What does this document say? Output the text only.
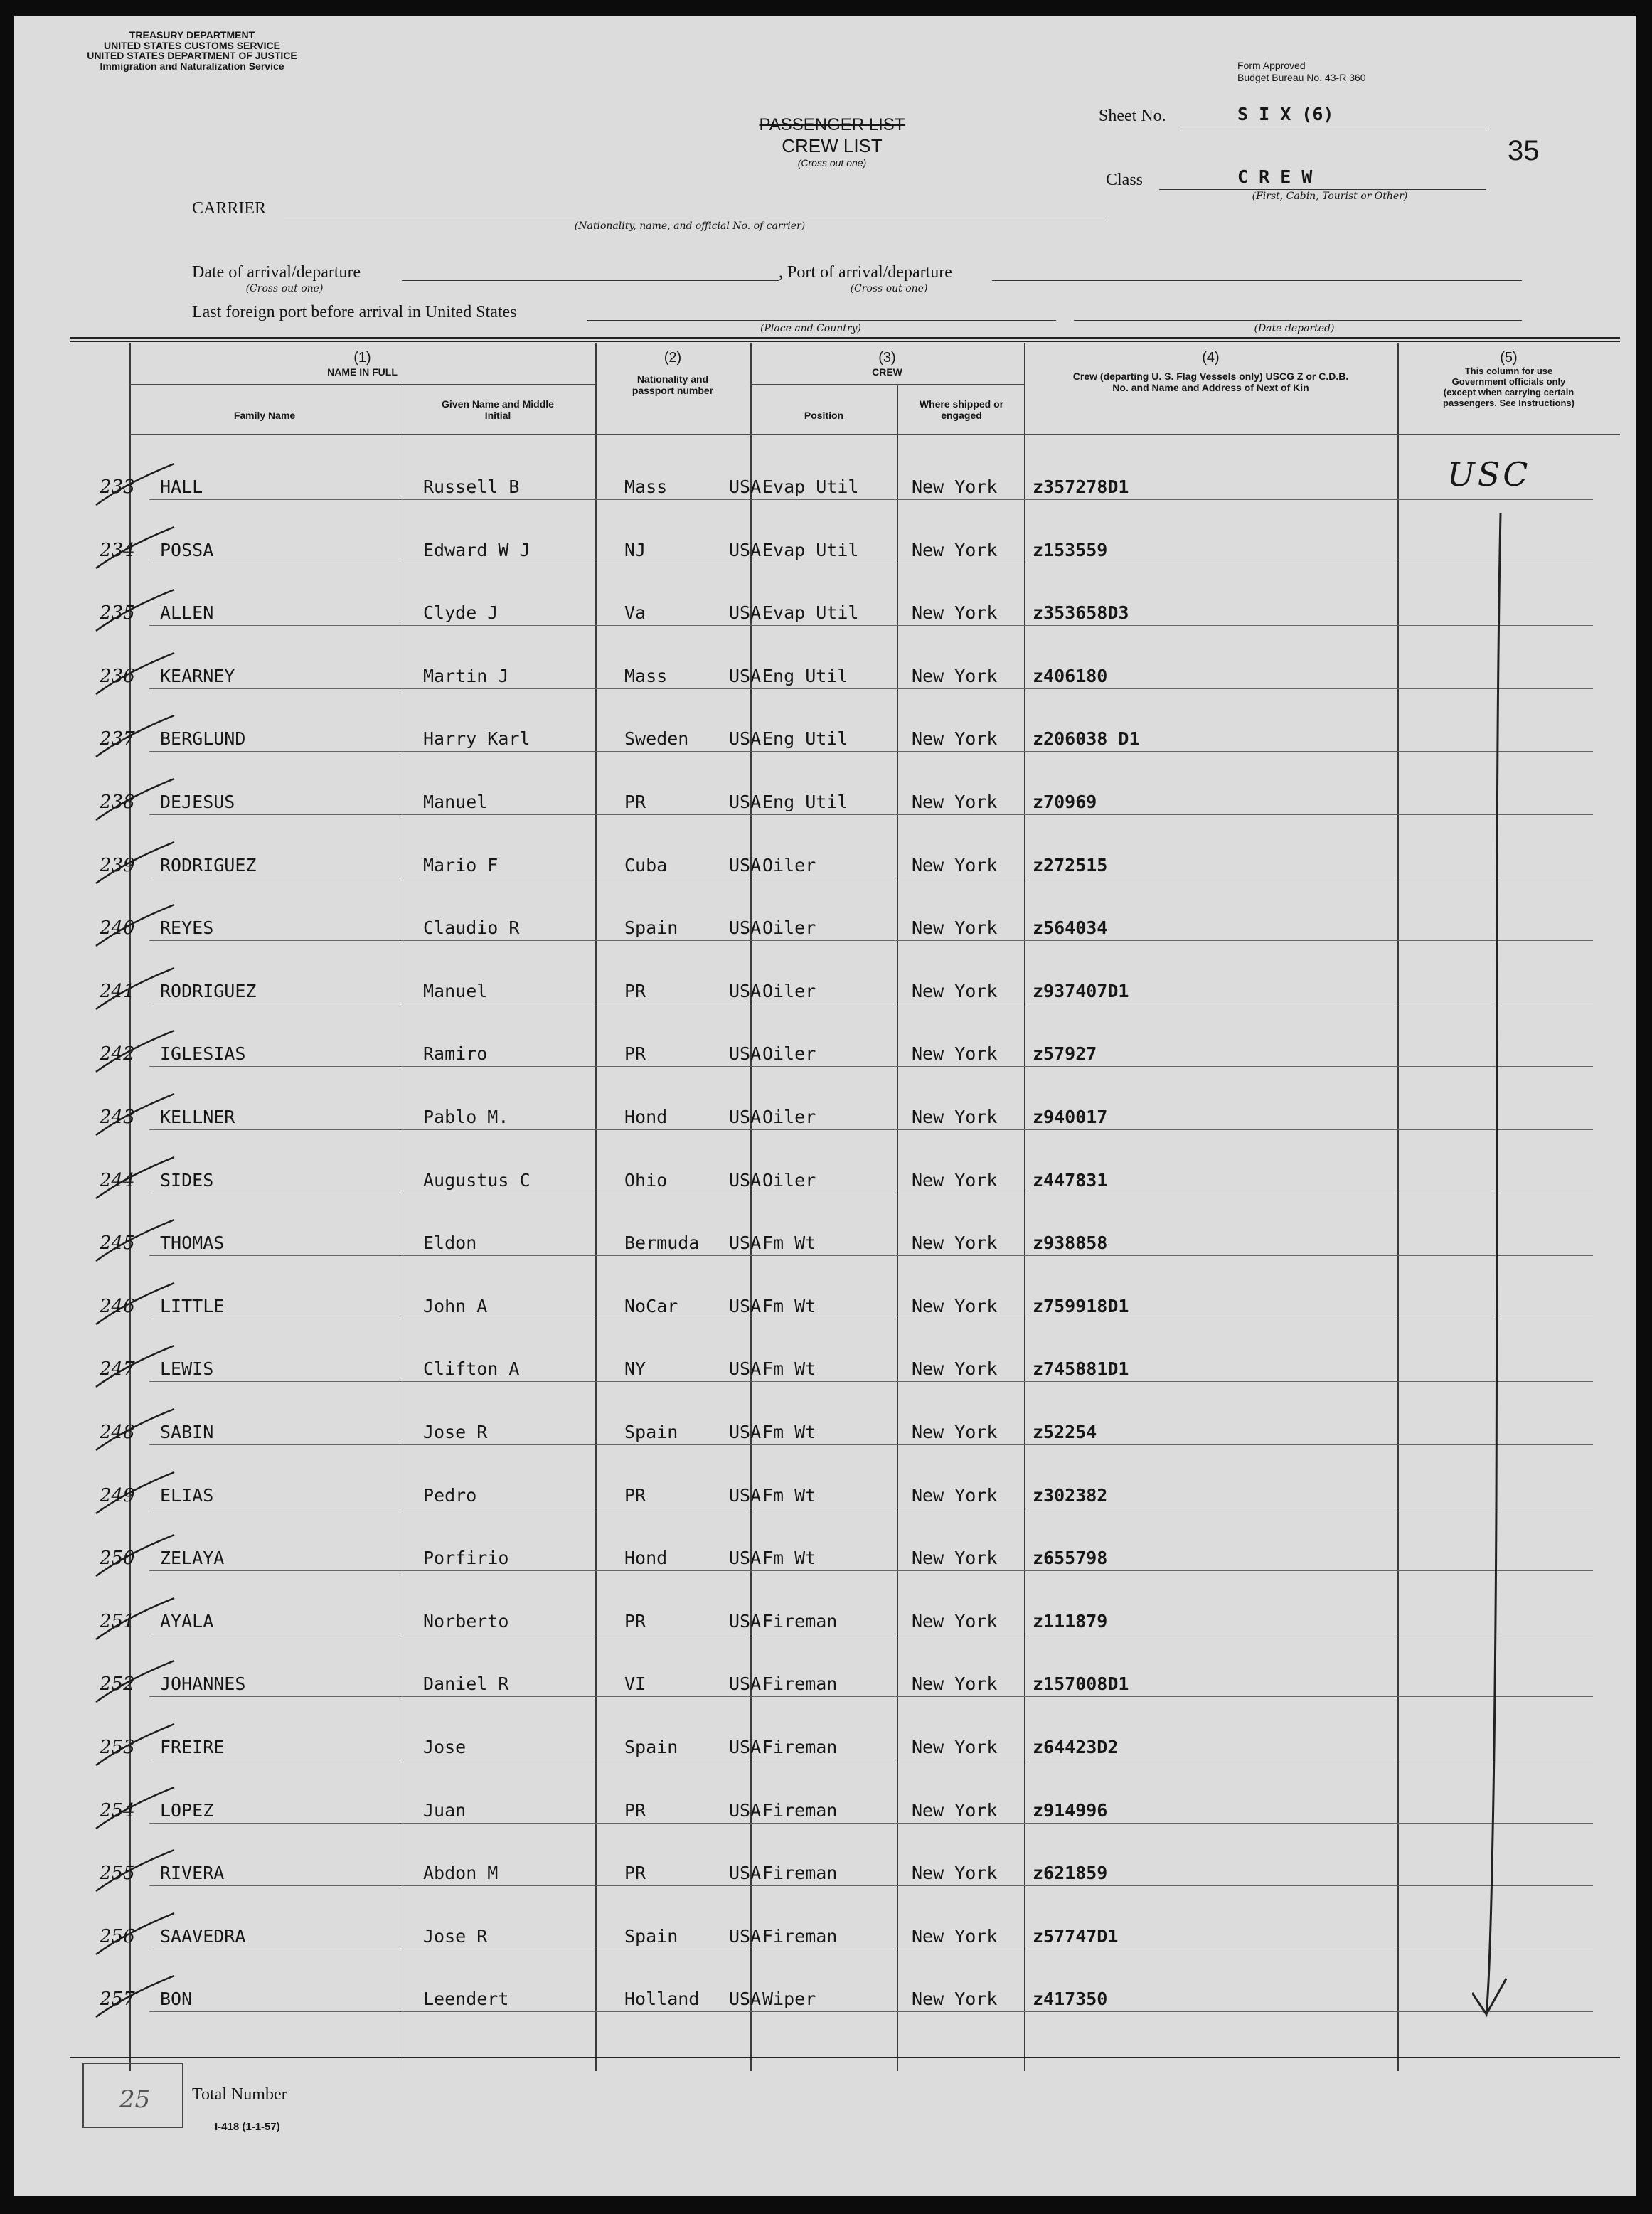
TREASURY DEPARTMENT
UNITED STATES CUSTOMS SERVICE
UNITED STATES DEPARTMENT OF JUSTICE
Immigration and Naturalization Service	Form Approved
Budget Bureau No. 43-R 360
PASSENGER LIST
CREW LIST
(Cross out one)
Sheet No.	S I X (6)
35
Class	C R E W
(First, Cabin, Tourist or Other)
CARRIER
(Nationality, name, and official No. of carrier)
Date of arrival/departure
(Cross out one)
, Port of arrival/departure
(Cross out one)
Last foreign port before arrival in United States
(Place and Country)	(Date departed)
(1)
NAME IN FULL
Family Name
Given Name and Middle Initial
(2)
Nationality and passport number
(3)
CREW
Position
Where shipped or engaged
(4)
Crew (departing U. S. Flag Vessels only) USCG Z or C.D.B. No. and Name and Address of Next of Kin
(5)
This column for use Government officials only (except when carrying certain passengers. See Instructions)
233 HALL	Russell B	Mass	USA Evap Util	New York z357278D1
234 POSSA	Edward W J	NJ	USA Evap Util	New York z153559
235 ALLEN	Clyde J	Va	USA Evap Util	New York z353658D3
236 KEARNEY	Martin J	Mass	USA Eng Util	New York z406180
237 BERGLUND	Harry Karl	Sweden USA Eng Util	New York z206038 D1
238 DEJESUS	Manuel	PR	USA Eng Util	New York z70969
239 RODRIGUEZ	Mario F	Cuba	USA Oiler	New York z272515
240 REYES	Claudio R	Spain	USA Oiler	New York z564034
241 RODRIGUEZ	Manuel	PR	USA Oiler	New York z937407D1
242 IGLESIAS	Ramiro	PR	USA Oiler	New York z57927
243 KELLNER	Pablo M.	Hond	USA Oiler	New York z940017
244 SIDES	Augustus C	Ohio	USA Oiler	New York z447831
245 THOMAS	Eldon	Bermuda USA Fm Wt	New York z938858
246 LITTLE	John A	NoCar	USA Fm Wt	New York z759918D1
247 LEWIS	Clifton A	NY	USA Fm Wt	New York z745881D1
248 SABIN	Jose R	Spain	USA Fm Wt	New York z52254
249 ELIAS	Pedro	PR	USA Fm Wt	New York z302382
250 ZELAYA	Porfirio	Hond	USA Fm Wt	New York z655798
251 AYALA	Norberto	PR	USA Fireman	New York z111879
252 JOHANNES	Daniel R	VI	USA Fireman	New York z157008D1
253 FREIRE	Jose	Spain	USA Fireman	New York z64423D2
254 LOPEZ	Juan	PR	USA Fireman	New York z914996
255 RIVERA	Abdon M	PR	USA Fireman	New York z621859
256 SAAVEDRA	Jose R	Spain	USA Fireman	New York z57747D1
257 BON	Leendert	Holland USA Wiper	New York z417350
USC
25 Total Number
I-418 (1-1-57)
